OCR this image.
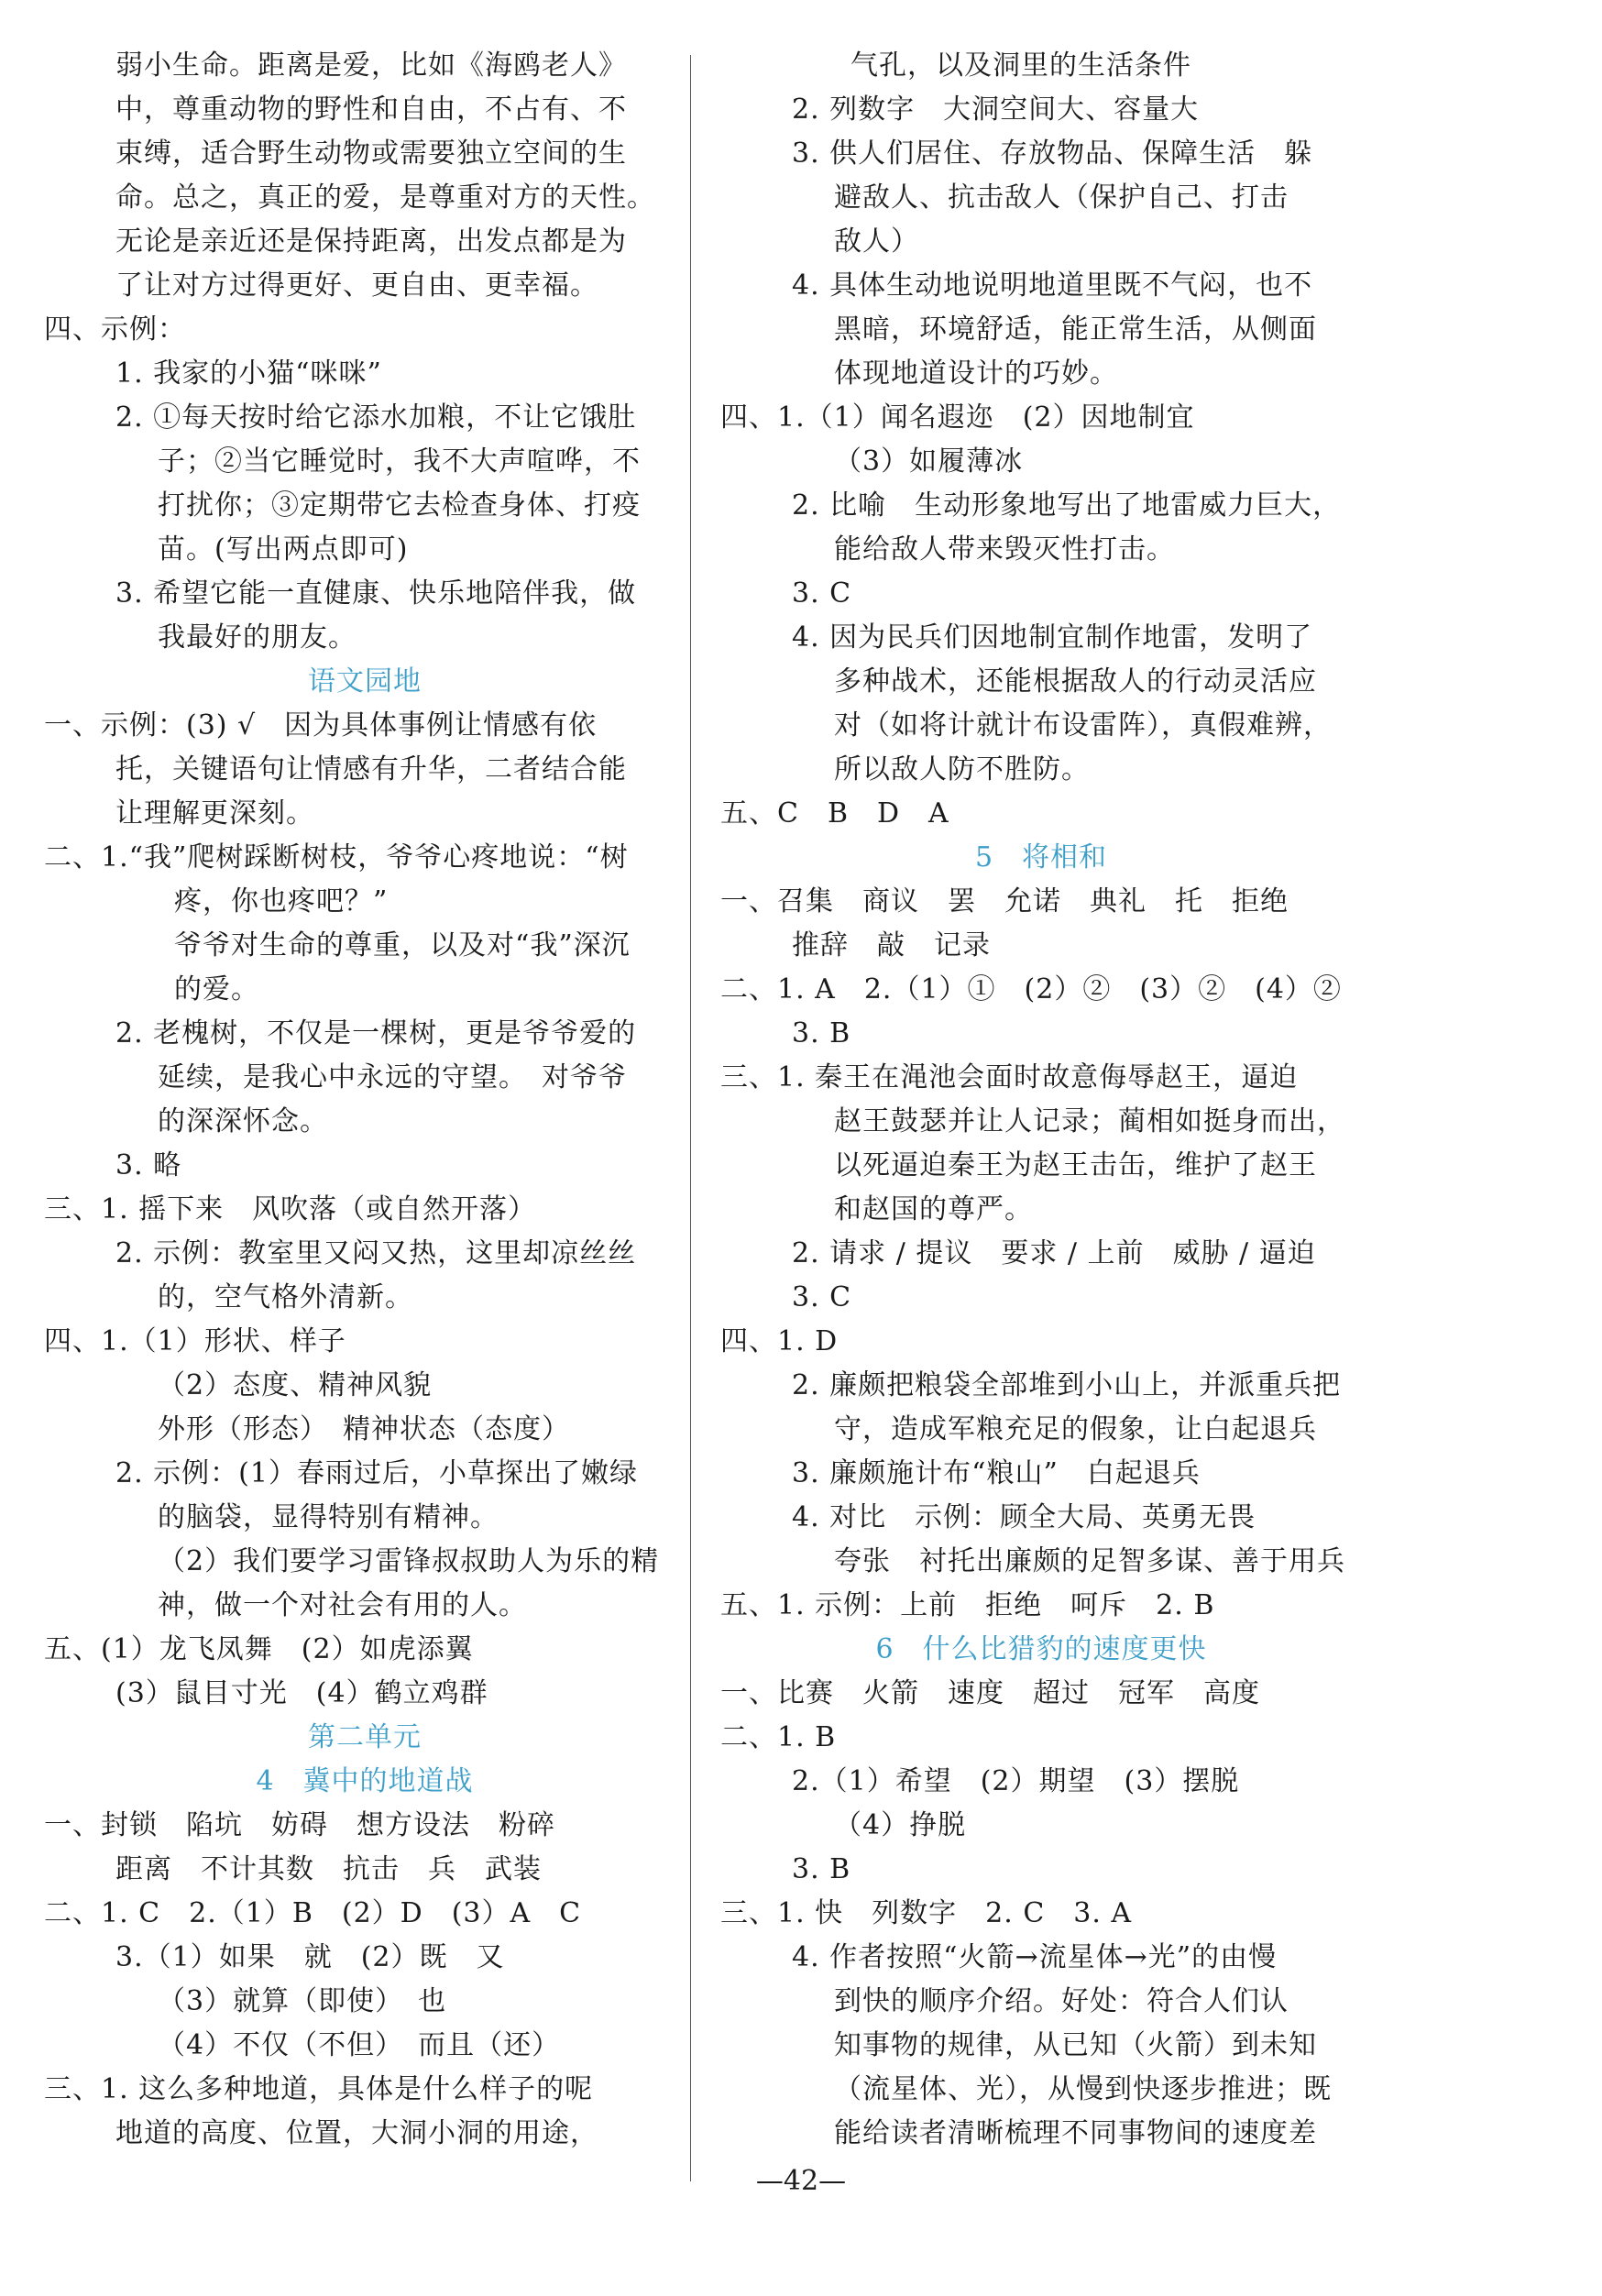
弱小生命。距离是爱，比如《海鸥老人》
中，尊重动物的野性和自由，不占有、不
束缚，适合野生动物或需要独立空间的生
命。总之，真正的爱，是尊重对方的天性。
无论是亲近还是保持距离，出发点都是为
了让对方过得更好、更自由、更幸福。
四、示例：
1. 我家的小猫“咪咪”
2. ①每天按时给它添水加粮，不让它饿肚
子；②当它睡觉时，我不大声喧哗，不
打扰你；③定期带它去检查身体、打疫
苗。(写出两点即可)
3. 希望它能一直健康、快乐地陪伴我，做
我最好的朋友。
语文园地
一、示例：(3) √　因为具体事例让情感有依
托，关键语句让情感有升华，二者结合能
让理解更深刻。
二、1.“我”爬树踩断树枝，爷爷心疼地说：“树
疼，你也疼吧？”
爷爷对生命的尊重，以及对“我”深沉
的爱。
2. 老槐树，不仅是一棵树，更是爷爷爱的
延续，是我心中永远的守望。　对爷爷
的深深怀念。
3. 略
三、1. 摇下来　风吹落（或自然开落）
2. 示例：教室里又闷又热，这里却凉丝丝
的，空气格外清新。
四、1.（1）形状、样子
（2）态度、精神风貌
外形（形态）　精神状态（态度）
2. 示例：(1）春雨过后，小草探出了嫩绿
的脑袋，显得特别有精神。
（2）我们要学习雷锋叔叔助人为乐的精
神，做一个对社会有用的人。
五、(1）龙飞凤舞　(2）如虎添翼
(3）鼠目寸光　(4）鹤立鸡群
第二单元
4　冀中的地道战
一、封锁　陷坑　妨碍　想方设法　粉碎
距离　不计其数　抗击　兵　武装
二、1. C　2.（1）B　(2）D　(3）A　C
3.（1）如果　就　(2）既　又
（3）就算（即使）　也
（4）不仅（不但）　而且（还）
三、1. 这么多种地道，具体是什么样子的呢
地道的高度、位置，大洞小洞的用途，
气孔，以及洞里的生活条件
2. 列数字　大洞空间大、容量大
3. 供人们居住、存放物品、保障生活　躲
避敌人、抗击敌人（保护自己、打击
敌人）
4. 具体生动地说明地道里既不气闷，也不
黑暗，环境舒适，能正常生活，从侧面
体现地道设计的巧妙。
四、1.（1）闻名遐迩　(2）因地制宜
（3）如履薄冰
2. 比喻　生动形象地写出了地雷威力巨大，
能给敌人带来毁灭性打击。
3. C
4. 因为民兵们因地制宜制作地雷，发明了
多种战术，还能根据敌人的行动灵活应
对（如将计就计布设雷阵），真假难辨，
所以敌人防不胜防。
五、C　B　D　A
5　将相和
一、召集　商议　罢　允诺　典礼　托　拒绝
推辞　敲　记录
二、1. A　2.（1）①　(2）②　(3）②　(4）②
3. B
三、1. 秦王在渑池会面时故意侮辱赵王，逼迫
赵王鼓瑟并让人记录；蔺相如挺身而出，
以死逼迫秦王为赵王击缶，维护了赵王
和赵国的尊严。
2. 请求 / 提议　要求 / 上前　威胁 / 逼迫
3. C
四、1. D
2. 廉颇把粮袋全部堆到小山上，并派重兵把
守，造成军粮充足的假象，让白起退兵
3. 廉颇施计布“粮山”　白起退兵
4. 对比　示例：顾全大局、英勇无畏
夸张　衬托出廉颇的足智多谋、善于用兵
五、1. 示例：上前　拒绝　呵斥　2. B
6　什么比猎豹的速度更快
一、比赛　火箭　速度　超过　冠军　高度
二、1. B
2.（1）希望　(2）期望　(3）摆脱
（4）挣脱
3. B
三、1. 快　列数字　2. C　3. A
4. 作者按照“火箭→流星体→光”的由慢
到快的顺序介绍。好处：符合人们认
知事物的规律，从已知（火箭）到未知
（流星体、光），从慢到快逐步推进；既
能给读者清晰梳理不同事物间的速度差
—42—
